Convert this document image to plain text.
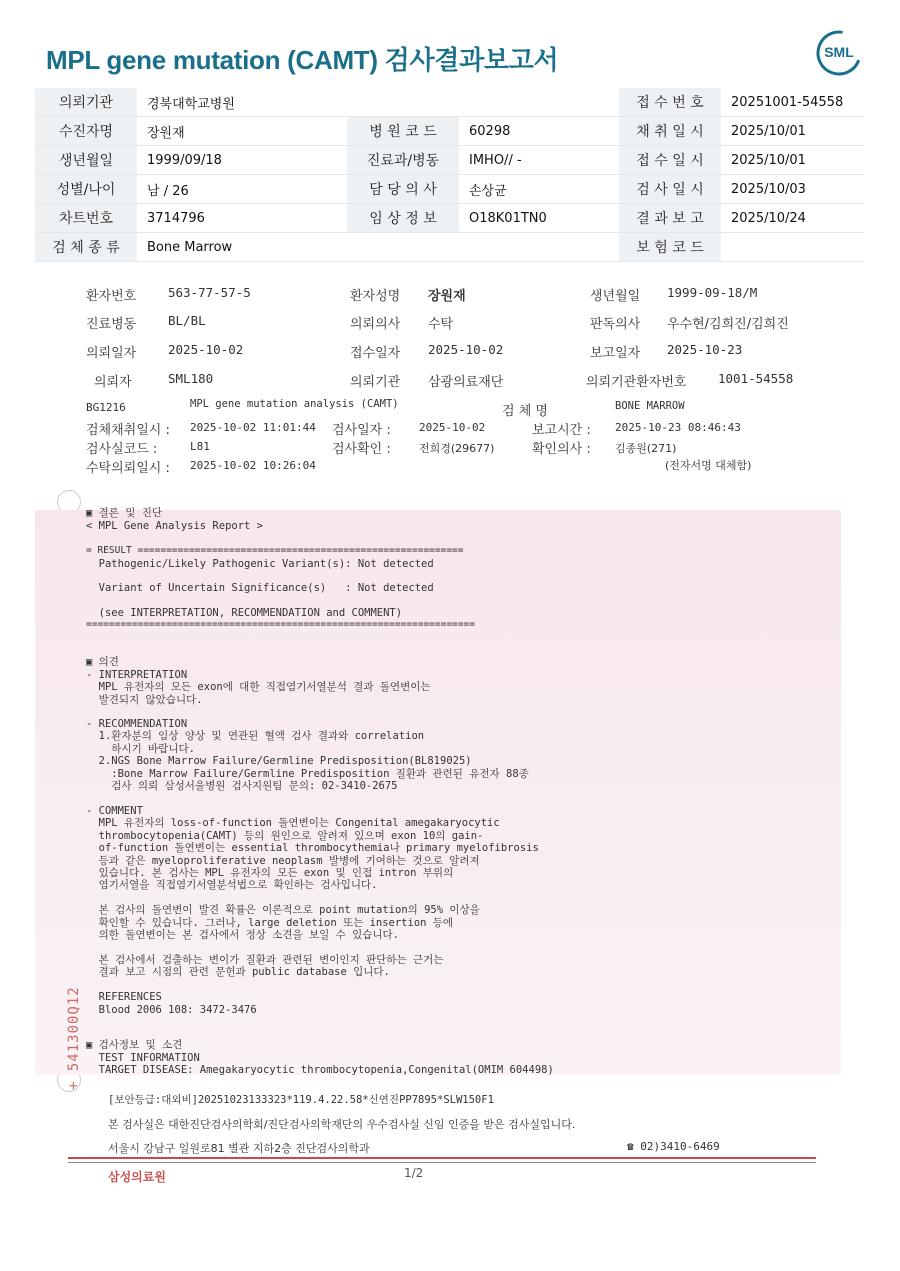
MPL gene mutation (CAMT) 검사결과보고서	SML
의뢰기관	경북대학교병원			접 수 번 호	20251001-54558
수진자명	장원재	병 원 코 드	60298	채 취 일 시	2025/10/01
생년월일	1999/09/18	진료과/병동	IMHO// -	접 수 일 시	2025/10/01
성별/나이	남 / 26	담 당 의 사	손상균	검 사 일 시	2025/10/03
차트번호	3714796	임 상 정 보	O18K01TN0	결 과 보 고	2025/10/24
검 체 종 류	Bone Marrow			보 험 코 드	
환자번호	563-77-57-5	환자성명 장원재	생년월일 1999-09-18/M
진료병동	BL/BL	의뢰의사 수탁	판독의사 우수현/김희진/김희진
의뢰일자	2025-10-02	접수일자 2025-10-02	보고일자 2025-10-23
의뢰자	SML180	의뢰기관 삼광의료재단	의뢰기관환자번호	1001-54558
BG1216	MPL gene mutation analysis (CAMT)	검 체 명	BONE MARROW
검체채취일시 : 2025-10-02 11:01:44 검사일자 :	2025-10-02	보고시간 : 2025-10-23 08:46:43
검사실코드 :	L81	검사확인 :	전희경(29677)	확인의사 : 김종원(271)
수탁의뢰일시 : 2025-10-02 10:26:04	(전자서명 대체함)
▣ 결론 및 진단
< MPL Gene Analysis Report >
= RESULT =========================================================
Pathogenic/Likely Pathogenic Variant(s): Not detected
Variant of Uncertain Significance(s)   : Not detected
(see INTERPRETATION, RECOMMENDATION and COMMENT)
====================================================================
▣ 의견
- INTERPRETATION
MPL 유전자의 모든 exon에 대한 직접염기서열분석 결과 돌연변이는
발견되지 않았습니다.
- RECOMMENDATION
1.환자분의 임상 양상 및 연관된 혈액 검사 결과와 correlation
하시기 바랍니다.
2.NGS Bone Marrow Failure/Germline Predisposition(BL819025)
:Bone Marrow Failure/Germline Predisposition 질환과 관련된 유전자 88종
검사 의뢰 삼성서울병원 검사지원팀 문의: 02-3410-2675
- COMMENT
MPL 유전자의 loss-of-function 돌연변이는 Congenital amegakaryocytic
thrombocytopenia(CAMT) 등의 원인으로 알려져 있으며 exon 10의 gain-
of-function 돌연변이는 essential thrombocythemia나 primary myelofibrosis
등과 같은 myeloproliferative neoplasm 발병에 기여하는 것으로 알려져
있습니다. 본 검사는 MPL 유전자의 모든 exon 및 인접 intron 부위의
염기서열을 직접염기서열분석법으로 확인하는 검사입니다.

본 검사의 돌연변이 발견 확률은 이론적으로 point mutation의 95% 이상을
확인할 수 있습니다. 그러나, large deletion 또는 insertion 등에
의한 돌연변이는 본 검사에서 정상 소견을 보일 수 있습니다.

본 검사에서 검출하는 변이가 질환과 관련된 변이인지 판단하는 근거는
결과 보고 시점의 관련 문헌과 public database 입니다.

REFERENCES
Blood 2006 108: 3472-3476
▣ 검사정보 및 소견
TEST INFORMATION
TARGET DISEASE: Amegakaryocytic thrombocytopenia,Congenital(OMIM 604498)
+ 541300Q12
[보안등급:대외비]20251023133323*119.4.22.58*신연진PP7895*SLW150F1
본 검사실은 대한진단검사의학회/진단검사의학재단의 우수검사실 신임 인증을 받은 검사실입니다.
서울시 강남구 일원로81 별관 지하2층 진단검사의학과	☎ 02)3410-6469
삼성의료원	1/2
